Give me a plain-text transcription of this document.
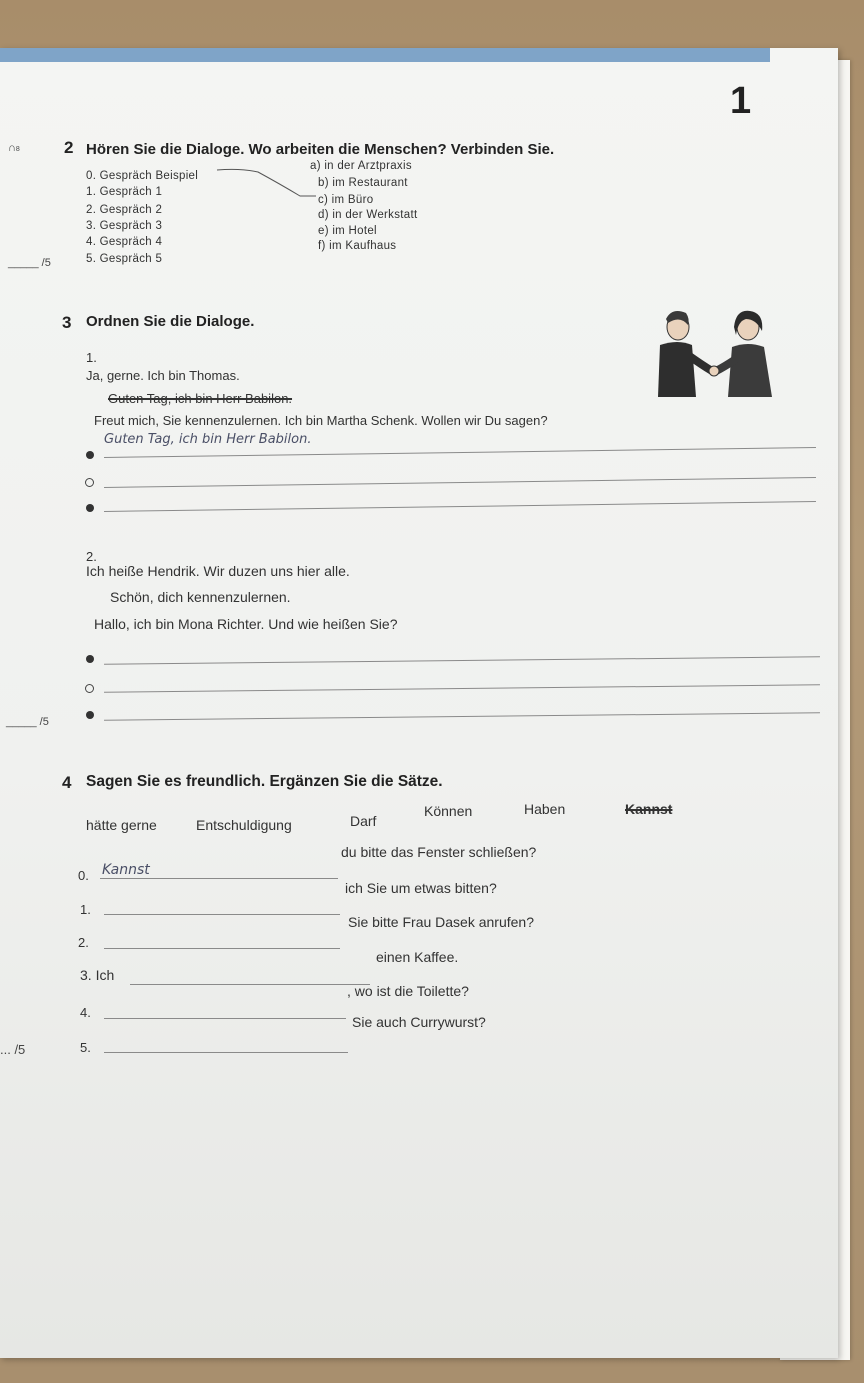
1
∩8	2 Hören Sie die Dialoge. Wo arbeiten die Menschen? Verbinden Sie.
0. Gespräch Beispiel
1. Gespräch 1
2. Gespräch 2
3. Gespräch 3
4. Gespräch 4
5. Gespräch 5
a) in der Arztpraxis
b) im Restaurant
c) im Büro
d) in der Werkstatt
e) im Hotel
f) im Kaufhaus
_____ /5
3 Ordnen Sie die Dialoge.
1.
Ja, gerne. Ich bin Thomas.
Guten Tag, ich bin Herr Babilon.
Freut mich, Sie kennenzulernen. Ich bin Martha Schenk. Wollen wir Du sagen?
Guten Tag, ich bin Herr Babilon.
2.
Ich heiße Hendrik. Wir duzen uns hier alle.
Schön, dich kennenzulernen.
Hallo, ich bin Mona Richter. Und wie heißen Sie?
_____ /5
4 Sagen Sie es freundlich. Ergänzen Sie die Sätze.
hätte gerne	Entschuldigung	Darf
Können	Haben	Kannst
0. Kannst
du bitte das Fenster schließen?
1.
ich Sie um etwas bitten?
2.
Sie bitte Frau Dasek anrufen?
3. Ich
einen Kaffee.
4.
, wo ist die Toilette?
5.
Sie auch Currywurst?
... /5
